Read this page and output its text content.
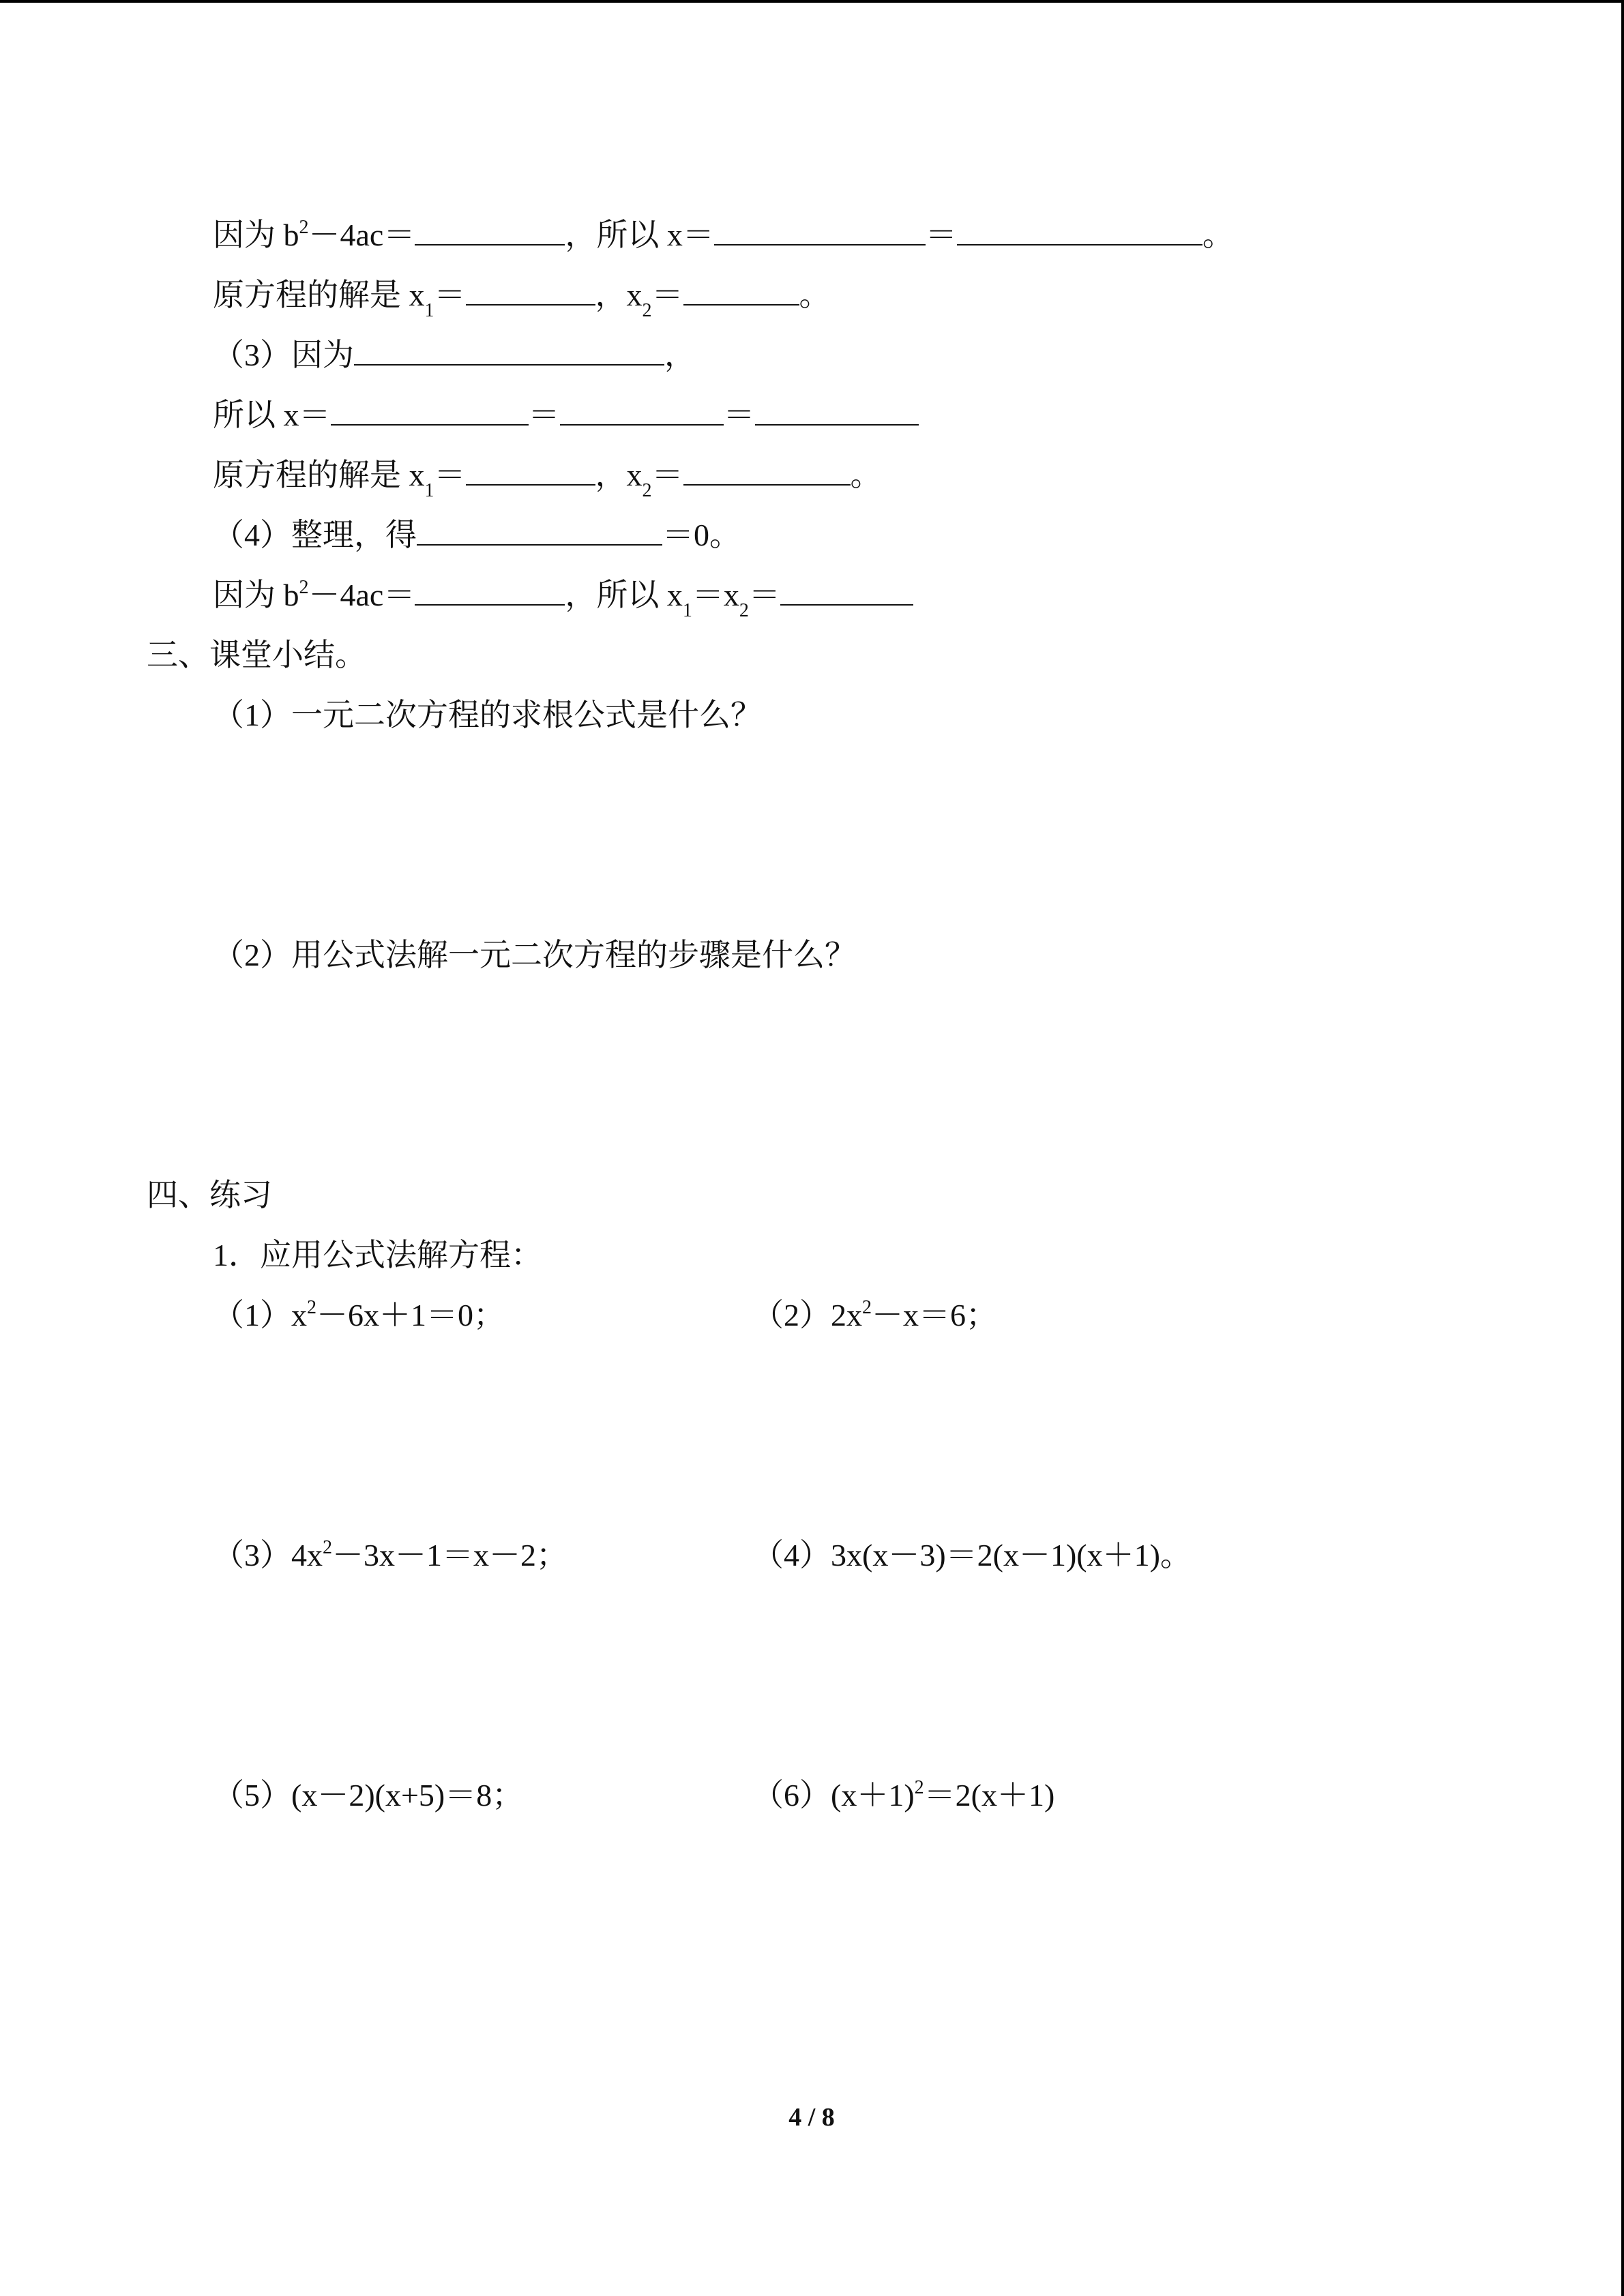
因为 $b^2-4ac=$	，所以 x＝	＝	。
原方程的解是 $x_1=$	，$x_2=$	。
（3）因为	，
所以 x＝	＝	＝
原方程的解是 $x_1=$	，$x_2=$	。
（4）整理，得	＝0。
因为 $b^2-4ac=$	，所以 $x_1=x_2=$
三、课堂小结。
（1）一元二次方程的求根公式是什么？
（2）用公式法解一元二次方程的步骤是什么？
四、练习
1．应用公式法解方程：
$(1)x^2-6x+1=0$；	$(2)2x^2-x=6$；
$(3)4x^2-3x-1=x-2$；	（4）3x(x－3)＝2(x－1)(x＋1)。
（5）(x－2)(x+5)＝8；	$(6)(x+1)^2=2(x+1)$
4 / 8
